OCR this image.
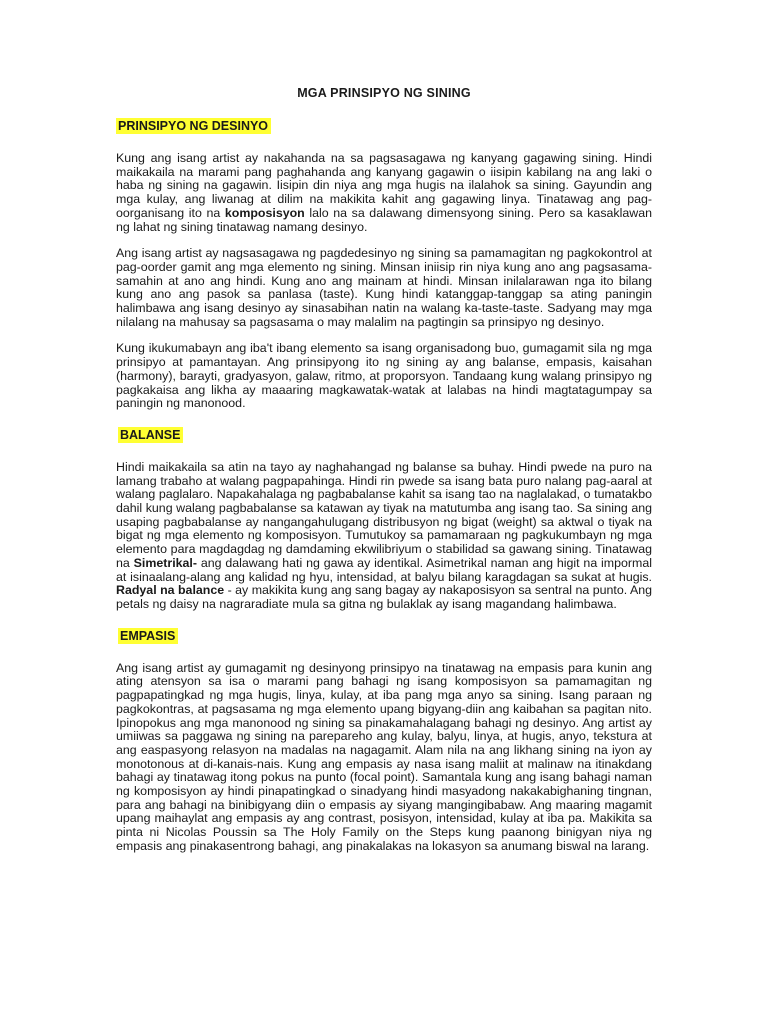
MGA PRINSIPYO NG SINING
PRINSIPYO NG DESINYO

Kung ang isang artist ay nakahanda na sa pagsasagawa ng kanyang gagawing sining. Hindi maikakaila na marami pang paghahanda ang kanyang gagawin o iisipin kabilang na ang laki o haba ng sining na gagawin. Iisipin din niya ang mga hugis na ilalahok sa sining. Gayundin ang mga kulay, ang liwanag at dilim na makikita kahit ang gagawing linya. Tinatawag ang pag-oorganisang ito na komposisyon lalo na sa dalawang dimensyong sining. Pero sa kasaklawan ng lahat ng sining tinatawag namang desinyo.

Ang isang artist ay nagsasagawa ng pagdedesinyo ng sining sa pamamagitan ng pagkokontrol at pag-oorder gamit ang mga elemento ng sining. Minsan iniisip rin niya kung ano ang pagsasama-samahin at ano ang hindi. Kung ano ang mainam at hindi. Minsan inilalarawan nga ito bilang kung ano ang pasok sa panlasa (taste). Kung hindi katanggap-tanggap sa ating paningin halimbawa ang isang desinyo ay sinasabihan natin na walang ka-taste-taste. Sadyang may mga nilalang na mahusay sa pagsasama o may malalim na pagtingin sa prinsipyo ng desinyo.

Kung ikukumabayn ang iba't ibang elemento sa isang organisadong buo, gumagamit sila ng mga prinsipyo at pamantayan. Ang prinsipyong ito ng sining ay ang balanse, empasis, kaisahan (harmony), barayti, gradyasyon, galaw, ritmo, at proporsyon. Tandaang kung walang prinsipyo ng pagkakaisa ang likha ay maaaring magkawatak-watak at lalabas na hindi magtatagumpay sa paningin ng manonood.

BALANSE

Hindi maikakaila sa atin na tayo ay naghahangad ng balanse sa buhay. Hindi pwede na puro na lamang trabaho at walang pagpapahinga. Hindi rin pwede sa isang bata puro nalang pag-aaral at walang paglalaro. Napakahalaga ng pagbabalanse kahit sa isang tao na naglalakad, o tumatakbo dahil kung walang pagbabalanse sa katawan ay tiyak na matutumba ang isang tao. Sa sining ang usaping pagbabalanse ay nangangahulugang distribusyon ng bigat (weight) sa aktwal o tiyak na bigat ng mga elemento ng komposisyon. Tumutukoy sa pamamaraan ng pagkukumbayn ng mga elemento para magdagdag ng damdaming ekwilibriyum o stabilidad sa gawang sining. Tinatawag na Simetrikal- ang dalawang hati ng gawa ay identikal. Asimetrikal naman ang higit na impormal at isinaalang-alang ang kalidad ng hyu, intensidad, at balyu bilang karagdagan sa sukat at hugis. Radyal na balance - ay makikita kung ang sang bagay ay nakaposisyon sa sentral na punto. Ang petals ng daisy na nagraradiate mula sa gitna ng bulaklak ay isang magandang halimbawa.

EMPASIS

Ang isang artist ay gumagamit ng desinyong prinsipyo na tinatawag na empasis para kunin ang ating atensyon sa isa o marami pang bahagi ng isang komposisyon sa pamamagitan ng pagpapatingkad ng mga hugis, linya, kulay, at iba pang mga anyo sa sining. Isang paraan ng pagkokontras, at pagsasama ng mga elemento upang bigyang-diin ang kaibahan sa pagitan nito. Ipinopokus ang mga manonood ng sining sa pinakamahalagang bahagi ng desinyo. Ang artist ay umiiwas sa paggawa ng sining na parepareho ang kulay, balyu, linya, at hugis, anyo, tekstura at ang easpasyong relasyon na madalas na nagagamit. Alam nila na ang likhang sining na iyon ay monotonous at di-kanais-nais. Kung ang empasis ay nasa isang maliit at malinaw na itinakdang bahagi ay tinatawag itong pokus na punto (focal point). Samantala kung ang isang bahagi naman ng komposisyon ay hindi pinapatingkad o sinadyang hindi masyadong nakakabighaning tingnan, para ang bahagi na binibigyang diin o empasis ay siyang mangingibabaw. Ang maaring magamit upang maihaylat ang empasis ay ang contrast, posisyon, intensidad, kulay at iba pa. Makikita sa pinta ni Nicolas Poussin sa The Holy Family on the Steps kung paanong binigyan niya ng empasis ang pinakasentrong bahagi, ang pinakalakas na lokasyon sa anumang biswal na larang.
